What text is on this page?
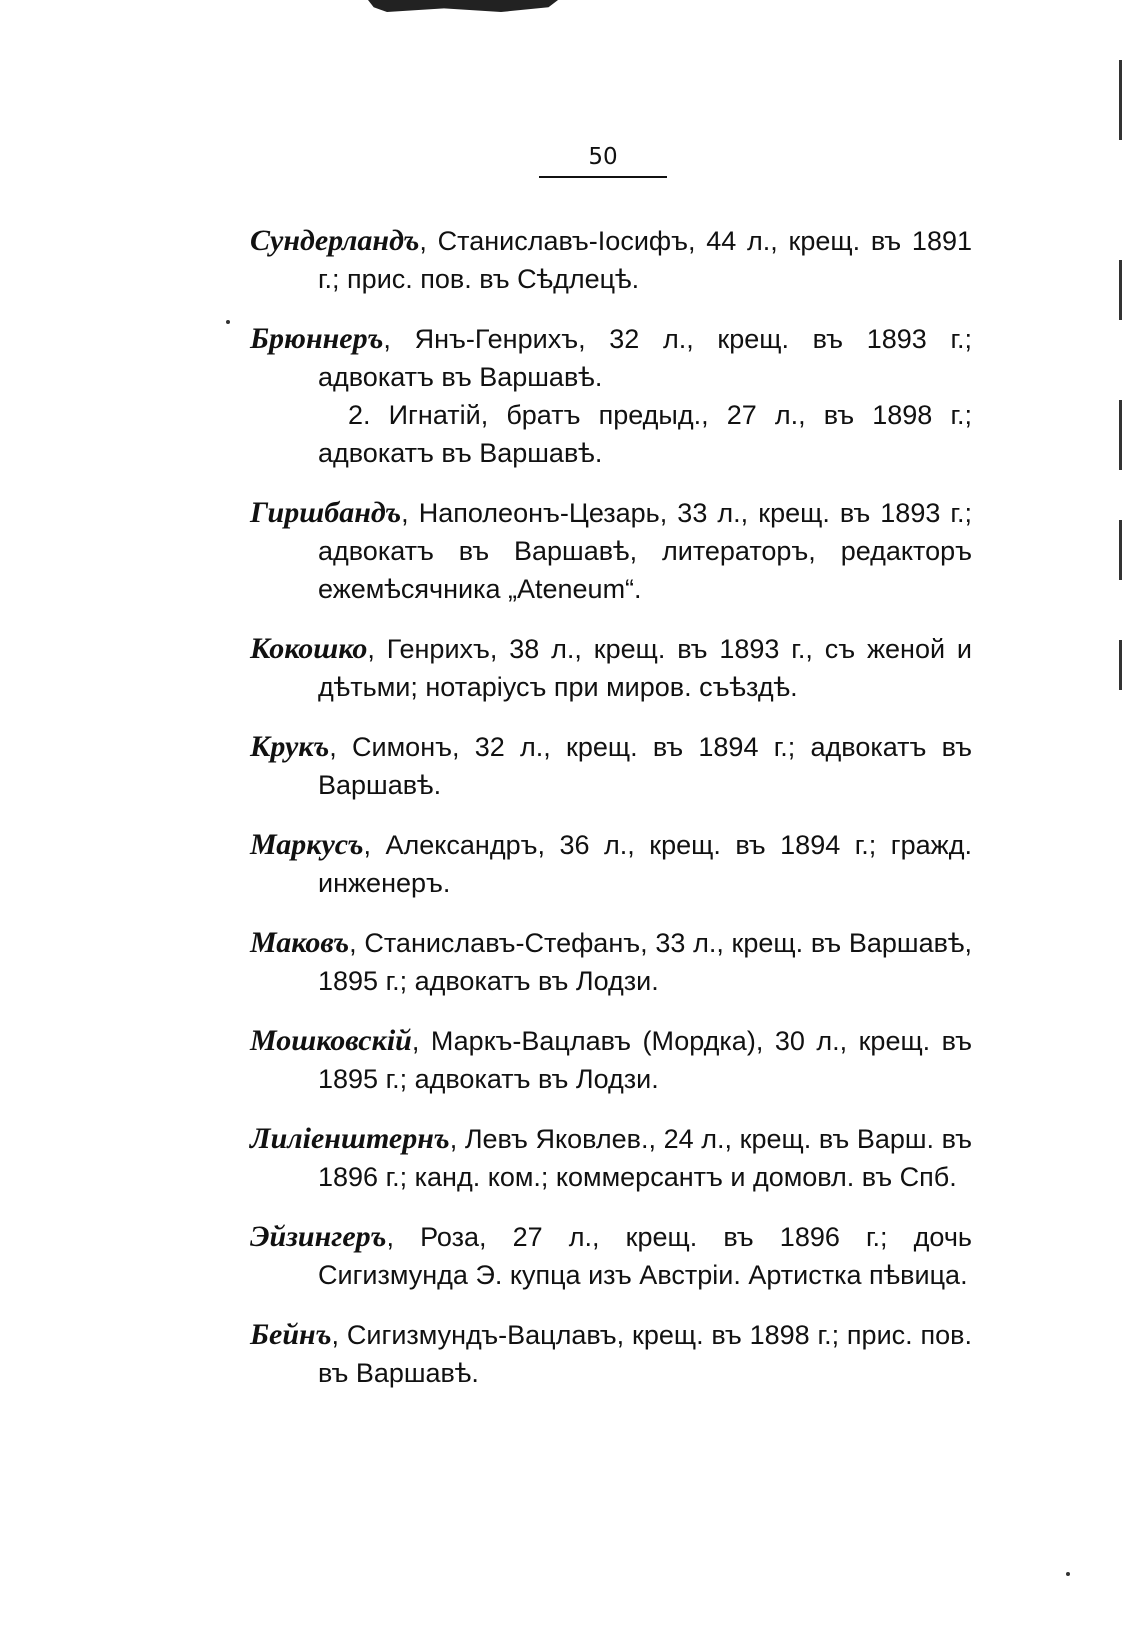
50

Сундерландъ, Станиславъ-Іосифъ, 44 л., крещ. въ 1891 г.; прис. пов. въ Сѣдлецѣ.

Брюннеръ, Янъ-Генрихъ, 32 л., крещ. въ 1893 г.; адвокатъ въ Варшавѣ.
2. Игнатій, братъ предыд., 27 л., въ 1898 г.; адвокатъ въ Варшавѣ.

Гиршбандъ, Наполеонъ-Цезарь, 33 л., крещ. въ 1893 г.; адвокатъ въ Варшавѣ, литераторъ, редакторъ ежемѣсячника „Ateneum“.

Кокошко, Генрихъ, 38 л., крещ. въ 1893 г., съ женой и дѣтьми; нотаріусъ при миров. съѣздѣ.

Крукъ, Симонъ, 32 л., крещ. въ 1894 г.; адвокатъ въ Варшавѣ.

Маркусъ, Александръ, 36 л., крещ. въ 1894 г.; гражд. инженеръ.

Маковъ, Станиславъ-Стефанъ, 33 л., крещ. въ Варшавѣ, 1895 г.; адвокатъ въ Лодзи.

Мошковскій, Маркъ-Вацлавъ (Мордка), 30 л., крещ. въ 1895 г.; адвокатъ въ Лодзи.

Лиліенштернъ, Левъ Яковлев., 24 л., крещ. въ Варш. въ 1896 г.; канд. ком.; коммерсантъ и домовл. въ Спб.

Эйзингеръ, Роза, 27 л., крещ. въ 1896 г.; дочь Сигизмунда Э. купца изъ Австріи. Артистка пѣвица.

Бейнъ, Сигизмундъ-Вацлавъ, крещ. въ 1898 г.; прис. пов. въ Варшавѣ.
